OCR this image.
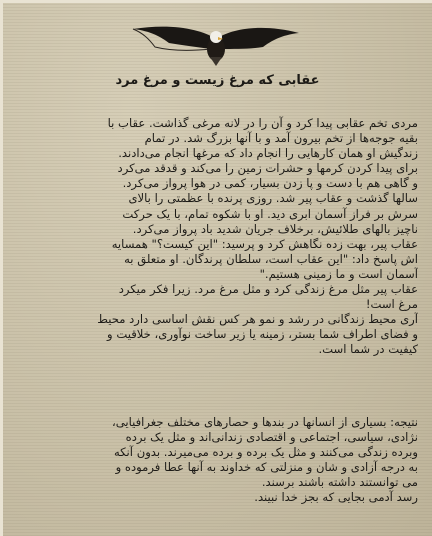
عقابی که مرغ زیست و مرغ مرد
مردی تخم عقابی پیدا کرد و آن را در لانه مرغی گذاشت. عقاب با
بقیه جوجه‌ها از تخم بیرون آمد و با آنها بزرگ شد. در تمام
زندگیش او همان کارهایی را انجام داد که مرغها انجام می‌دادند.
برای پیدا کردن کرمها و حشرات زمین را می‌کند و قدقد می‌کرد
و گاهی هم با دست و پا زدن بسیار، کمی در هوا پرواز می‌کرد.
سالها گذشت و عقاب پیر شد. روزی پرنده با عظمتی را بالای
سرش بر فراز آسمان ابری دید. او با شکوه تمام، با یک حرکت
ناچیز بالهای طلائیش، برخلاف جریان شدید باد پرواز می‌کرد.
عقاب پیر، بهت زده نگاهش کرد و پرسید: "این کیست؟" همسایه
اش پاسخ داد: "این عقاب است، سلطان پرندگان. او متعلق به
آسمان است و ما زمینی هستیم."
عقاب پیر مثل مرغ زندگی کرد و مثل مرغ مرد. زیرا فکر میکرد
مرغ است!
آری محیط زندگانی در رشد و نمو هر کس نقش اساسی دارد محیط
و فضای اطراف شما بستر، زمینه یا زیر ساخت نوآوری، خلاقیت و
کیفیت در شما است.
نتیجه: بسیاری از انسانها در بندها و حصارهای مختلف جغرافیایی،
نژادی، سیاسی، اجتماعی و اقتصادی زندانی‌اند و مثل یک برده
وبرده زندگی می‌کنند و مثل یک برده و برده می‌میرند. بدون آنکه
به درجه آزادی و شان و منزلتی که خداوند به آنها عطا فرموده و
می توانستند داشته باشند برسند.
رسد آدمی بجایی که بجز خدا نبیند.
